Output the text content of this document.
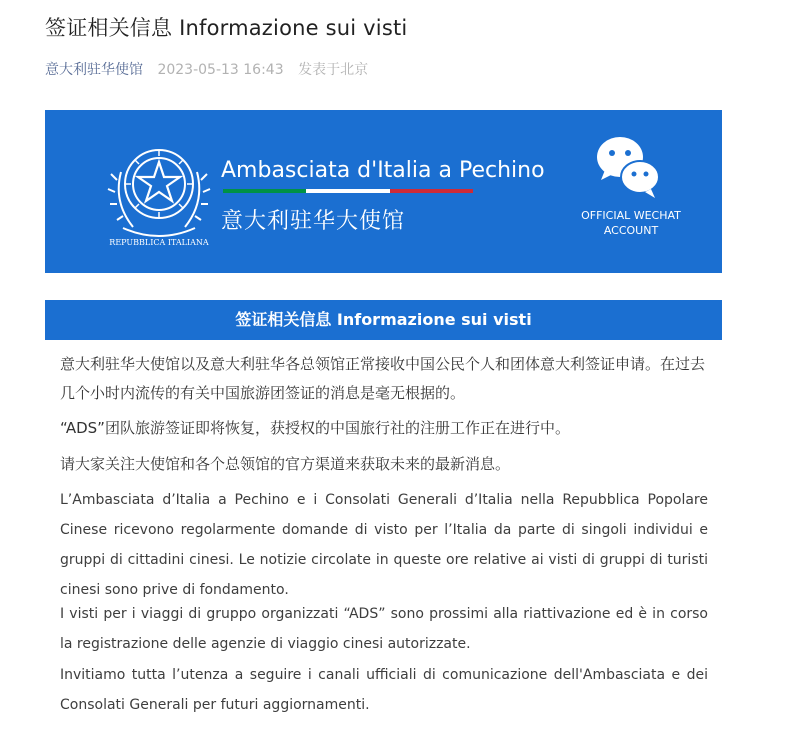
签证相关信息 Informazione sui visti
意大利驻华使馆 2023-05-13 16:43 发表于北京
REPUBBLICA ITALIANA
Ambasciata d'Italia a Pechino
意大利驻华大使馆	OFFICIAL WECHAT
ACCOUNT
签证相关信息 Informazione sui visti

意大利驻华大使馆以及意大利驻华各总领馆正常接收中国公民个人和团体意大利签证申请。在过去几个小时内流传的有关中国旅游团签证的消息是毫无根据的。

“ADS”团队旅游签证即将恢复，获授权的中国旅行社的注册工作正在进行中。

请大家关注大使馆和各个总领馆的官方渠道来获取未来的最新消息。

L’Ambasciata d’Italia a Pechino e i Consolati Generali d’Italia nella Repubblica Popolare Cinese ricevono regolarmente domande di visto per l’Italia da parte di singoli individui e gruppi di cittadini cinesi. Le notizie circolate in queste ore relative ai visti di gruppi di turisti cinesi sono prive di fondamento.

I visti per i viaggi di gruppo organizzati “ADS” sono prossimi alla riattivazione ed è in corso la registrazione delle agenzie di viaggio cinesi autorizzate.

Invitiamo tutta l’utenza a seguire i canali ufficiali di comunicazione dell'Ambasciata e dei Consolati Generali per futuri aggiornamenti.
